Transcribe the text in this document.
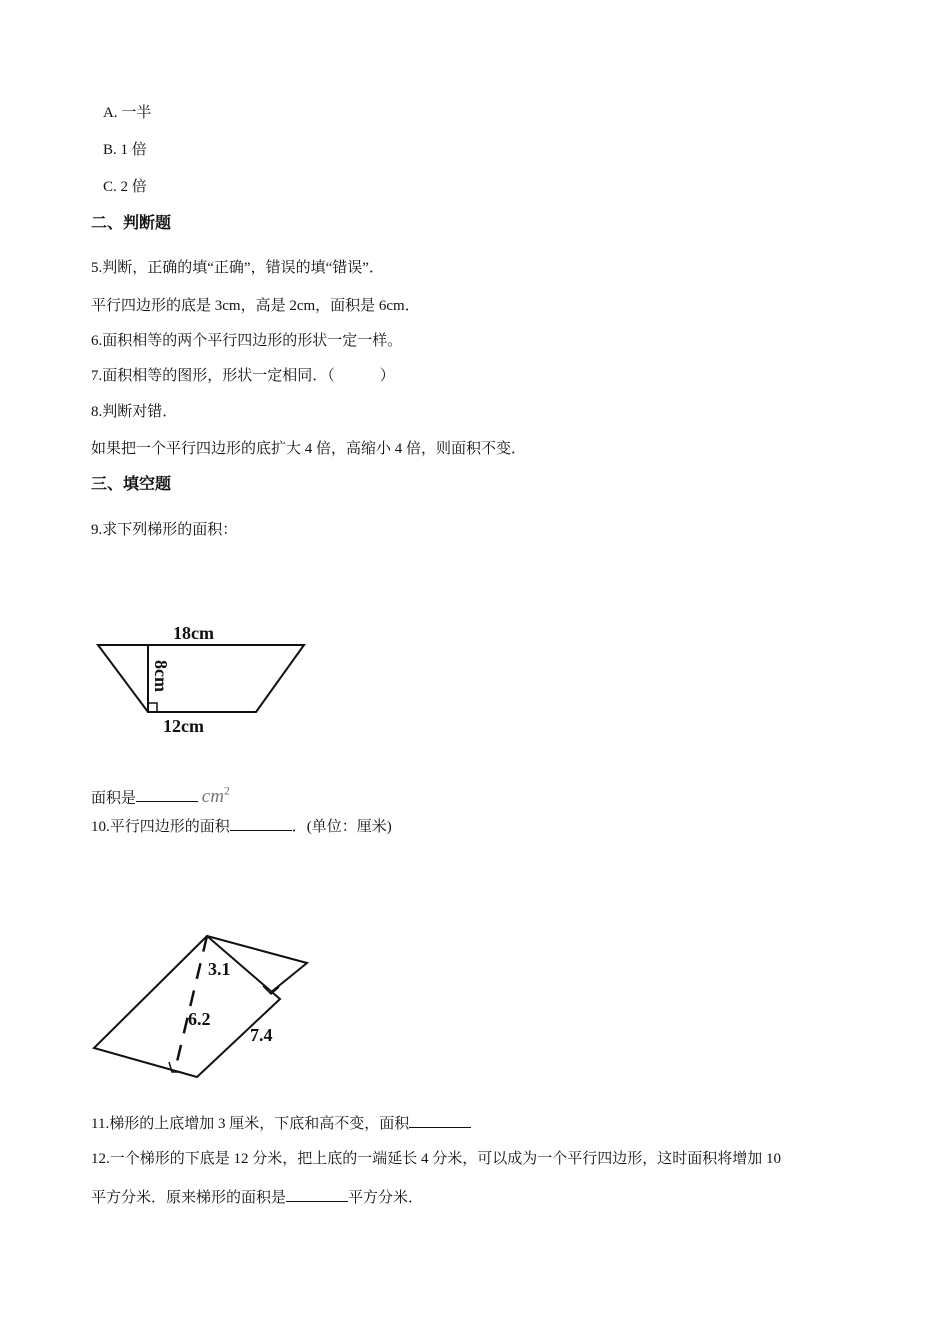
A. 一半
B. 1 倍
C. 2 倍
二、判断题
5.判断，正确的填“正确”，错误的填“错误”．
平行四边形的底是 3cm，高是 2cm，面积是 6cm．
6.面积相等的两个平行四边形的形状一定一样。
7.面积相等的图形，形状一定相同．（　　　）
8.判断对错．
如果把一个平行四边形的底扩大 4 倍，高缩小 4 倍，则面积不变．
三、填空题
9.求下列梯形的面积：
18cm
8cm
12cm
面积是	$cm^2$
10.平行四边形的面积	．(单位：厘米)
3.1
6.2
7.4
11.梯形的上底增加 3 厘米，下底和高不变，面积
12.一个梯形的下底是 12 分米，把上底的一端延长 4 分米，可以成为一个平行四边形，这时面积将增加 10
平方分米．原来梯形的面积是	平方分米．
